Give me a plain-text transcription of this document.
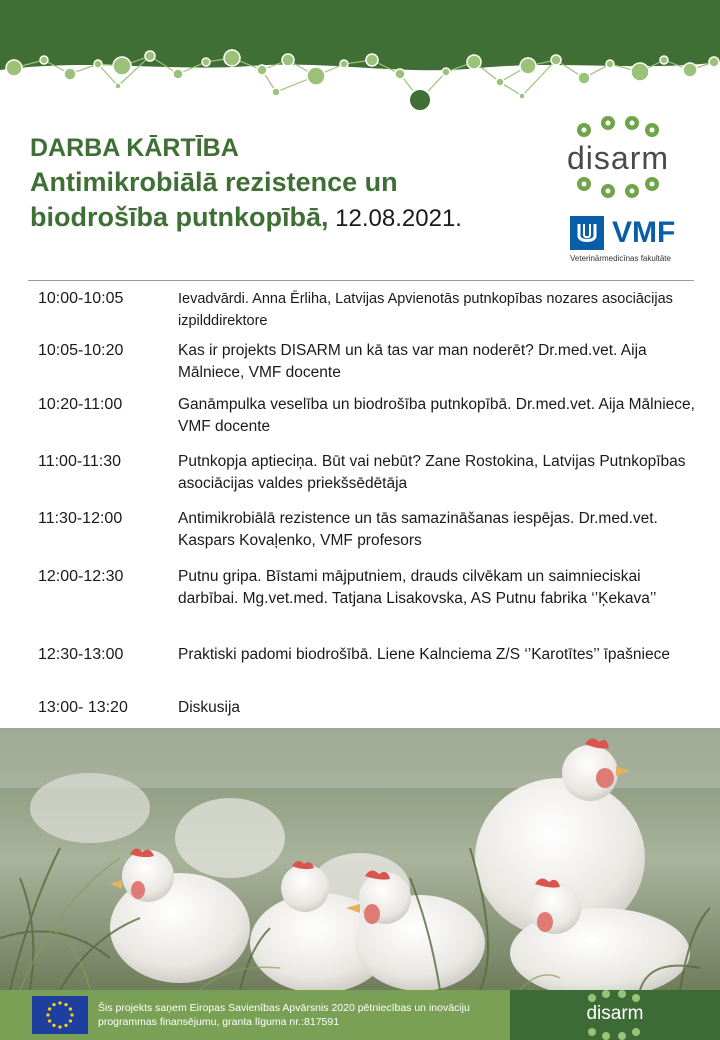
DARBA KĀRTĪBA
Antimikrobiālā rezistence un
biodrošība putnkopībā, 12.08.2021.
disarm
VMF
Veterinārmedicīnas fakultāte
10:00-10:05	Ievadvārdi. Anna Ērliha, Latvijas Apvienotās putnkopības nozares asociācijas izpilddirektore
10:05-10:20	Kas ir projekts DISARM un kā tas var man noderēt? Dr.med.vet. Aija Mālniece, VMF docente
10:20-11:00	Ganāmpulka veselība un biodrošība putnkopībā. Dr.med.vet. Aija Mālniece, VMF docente
11:00-11:30	Putnkopja aptieciņa. Būt vai nebūt? Zane Rostokina, Latvijas Putnkopības asociācijas valdes priekšsēdētāja
11:30-12:00	Antimikrobiālā rezistence un tās samazināšanas iespējas. Dr.med.vet. Kaspars Kovaļenko, VMF profesors
12:00-12:30	Putnu gripa. Bīstami mājputniem, drauds cilvēkam un saimnieciskai darbībai. Mg.vet.med. Tatjana Lisakovska, AS Putnu fabrika ‘’Ķekava’’
12:30-13:00	Praktiski padomi biodrošībā. Liene Kalnciema Z/S ‘’Karotītes’’ īpašniece
13:00- 13:20	Diskusija
Šis projekts saņem Eiropas Savienības Apvārsnis 2020 pētniecības un inovāciju programmas finansējumu, granta līguma nr.:817591	disarm
